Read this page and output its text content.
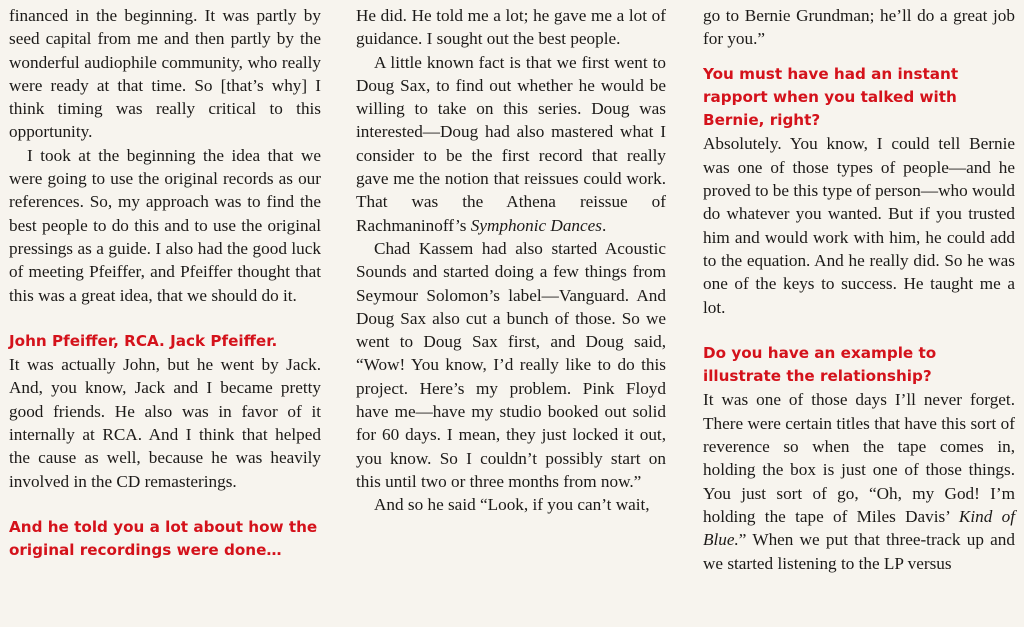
financed in the beginning. It was partly by seed capital from me and then partly by the wonderful audiophile community, who really were ready at that time. So [that’s why] I think timing was really critical to this opportunity.

I took at the beginning the idea that we were going to use the original records as our references. So, my approach was to find the best people to do this and to use the original pressings as a guide. I also had the good luck of meeting Pfeiffer, and Pfeiffer thought that this was a great idea, that we should do it.

John Pfeiffer, RCA. Jack Pfeiffer.

It was actually John, but he went by Jack. And, you know, Jack and I became pretty good friends. He also was in favor of it internally at RCA. And I think that helped the cause as well, because he was heavily involved in the CD remasterings.

And he told you a lot about how the original recordings were done…

He did. He told me a lot; he gave me a lot of guidance. I sought out the best people.

A little known fact is that we first went to Doug Sax, to find out whether he would be willing to take on this series. Doug was interested—Doug had also mastered what I consider to be the first record that really gave me the notion that reissues could work. That was the Athena reissue of Rachmaninoff’s Symphonic Dances.

Chad Kassem had also started Acoustic Sounds and started doing a few things from Seymour Solomon’s label—Vanguard. And Doug Sax also cut a bunch of those. So we went to Doug Sax first, and Doug said, “Wow! You know, I’d really like to do this project. Here’s my problem. Pink Floyd have me—have my studio booked out solid for 60 days. I mean, they just locked it out, you know. So I couldn’t possibly start on this until two or three months from now.”

And so he said “Look, if you can’t wait,

go to Bernie Grundman; he’ll do a great job for you.”

You must have had an instant rapport when you talked with Bernie, right?

Absolutely. You know, I could tell Bernie was one of those types of people—and he proved to be this type of person—who would do whatever you wanted. But if you trusted him and would work with him, he could add to the equation. And he really did. So he was one of the keys to success. He taught me a lot.

Do you have an example to illustrate the relationship?

It was one of those days I’ll never forget. There were certain titles that have this sort of reverence so when the tape comes in, holding the box is just one of those things. You just sort of go, “Oh, my God! I’m holding the tape of Miles Davis’ Kind of Blue.” When we put that three-track up and we started listening to the LP versus
